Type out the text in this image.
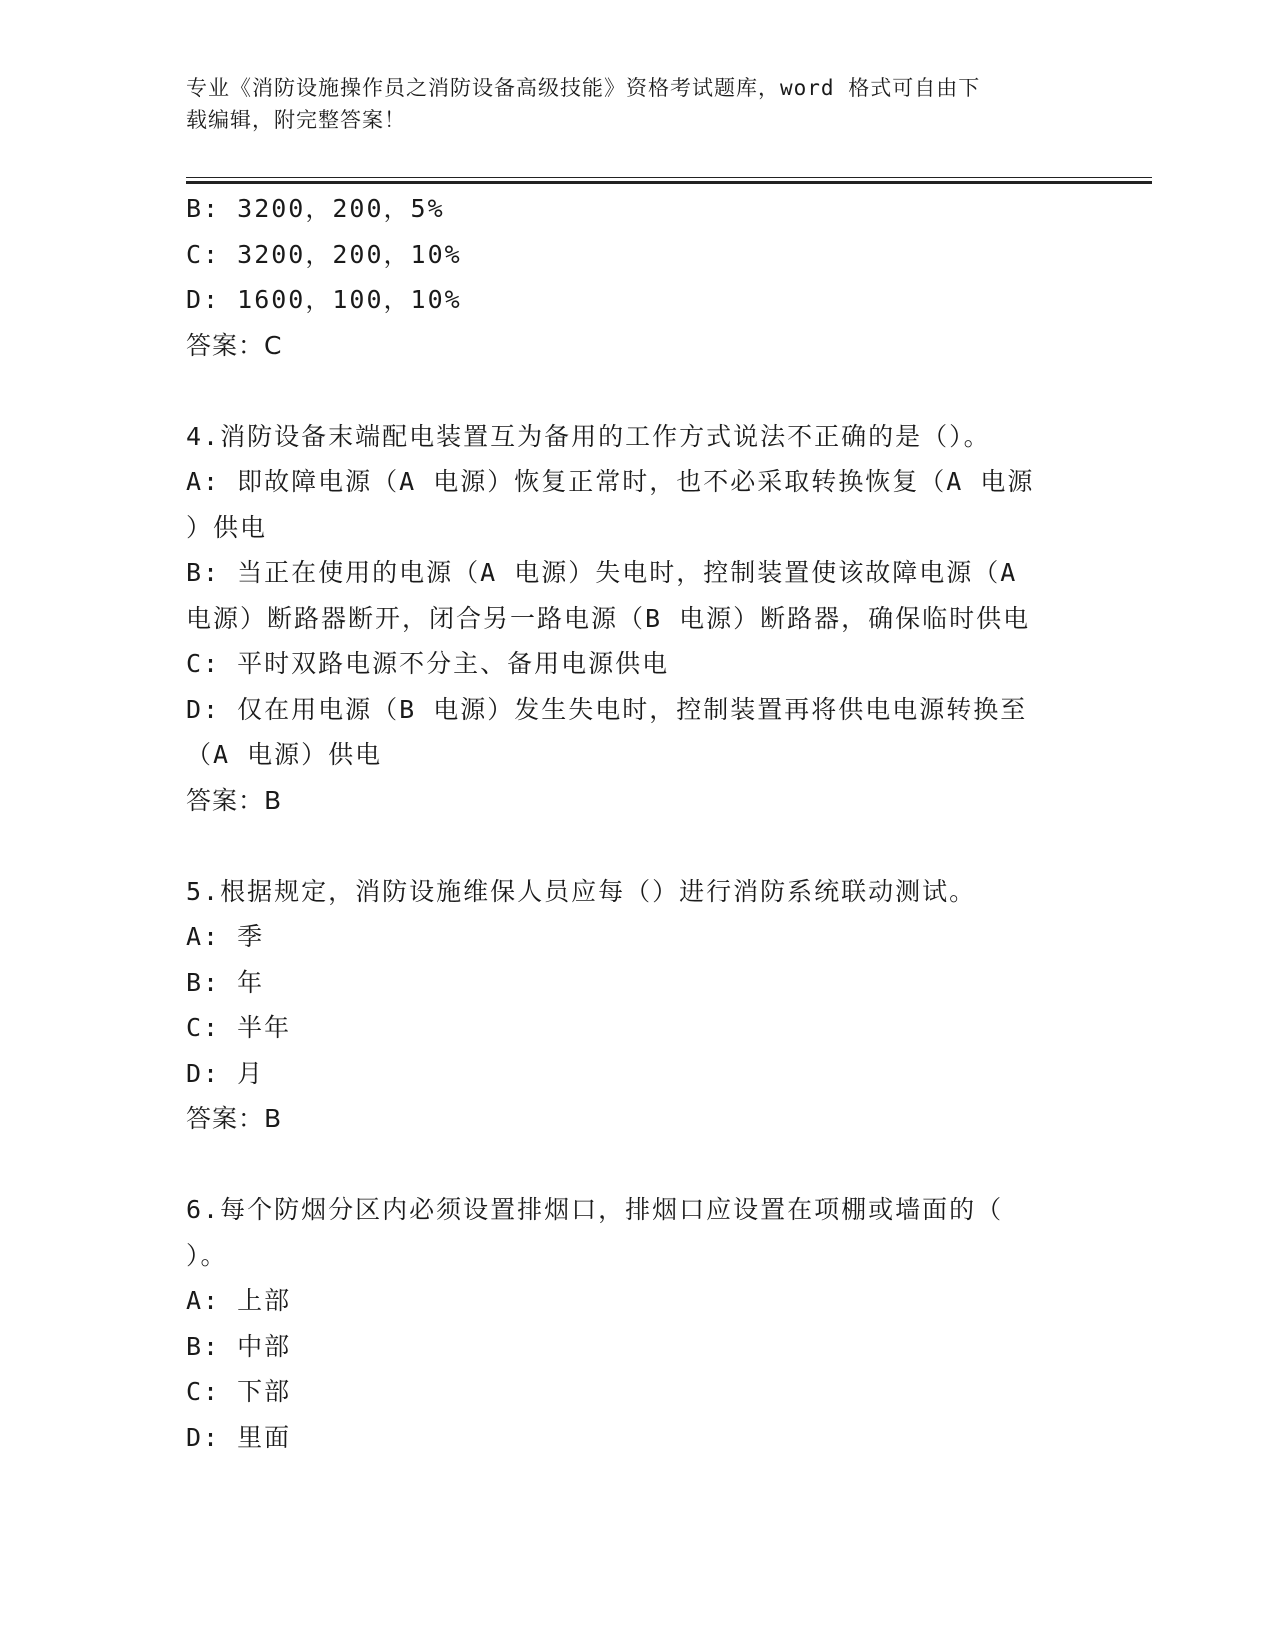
专业《消防设施操作员之消防设备高级技能》资格考试题库，word 格式可自由下
载编辑，附完整答案！
B: 3200，200，5%
C: 3200，200，10%
D: 1600，100，10%
答案：C
4.消防设备末端配电装置互为备用的工作方式说法不正确的是（）。
A: 即故障电源（A 电源）恢复正常时，也不必采取转换恢复（A 电源
）供电
B: 当正在使用的电源（A 电源）失电时，控制装置使该故障电源（A
电源）断路器断开，闭合另一路电源（B 电源）断路器，确保临时供电
C: 平时双路电源不分主、备用电源供电
D: 仅在用电源（B 电源）发生失电时，控制装置再将供电电源转换至
（A 电源）供电
答案：B
5.根据规定，消防设施维保人员应每（）进行消防系统联动测试。
A: 季
B: 年
C: 半年
D: 月
答案：B
6.每个防烟分区内必须设置排烟口，排烟口应设置在项棚或墙面的（
）。
A: 上部
B: 中部
C: 下部
D: 里面
